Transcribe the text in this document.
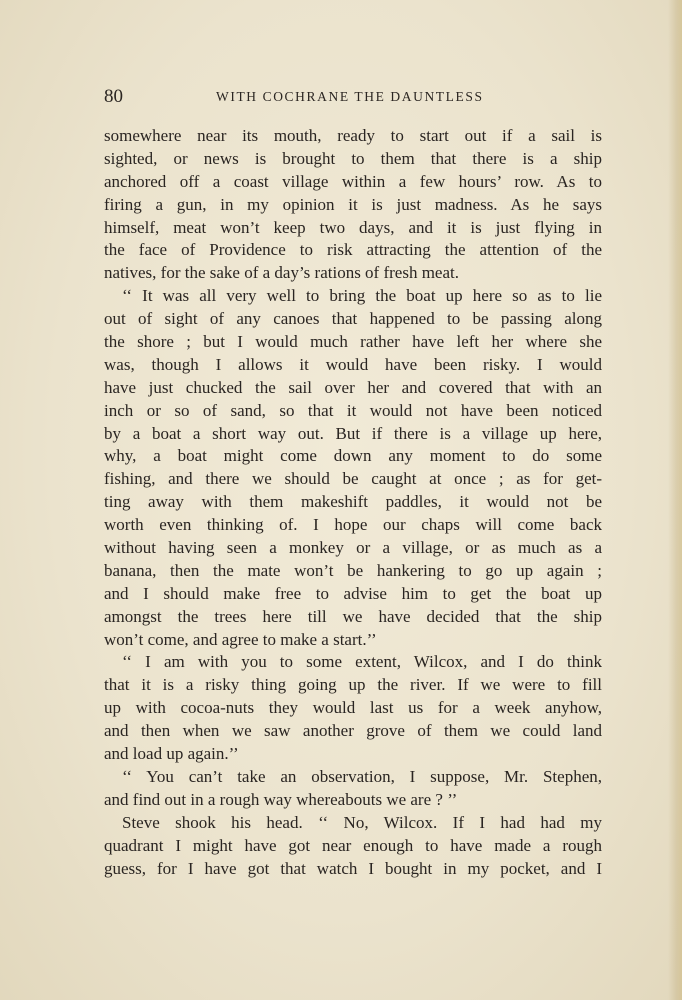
80	WITH COCHRANE THE DAUNTLESS
somewhere near its mouth, ready to start out if a sail is
sighted, or news is brought to them that there is a ship
anchored off a coast village within a few hours’ row. As to
firing a gun, in my opinion it is just madness. As he says
himself, meat won’t keep two days, and it is just flying in
the face of Providence to risk attracting the attention of the
natives, for the sake of a day’s rations of fresh meat.
‘‘ It was all very well to bring the boat up here so as to lie
out of sight of any canoes that happened to be passing along
the shore ; but I would much rather have left her where she
was, though I allows it would have been risky. I would
have just chucked the sail over her and covered that with an
inch or so of sand, so that it would not have been noticed
by a boat a short way out. But if there is a village up here,
why, a boat might come down any moment to do some
fishing, and there we should be caught at once ; as for get-
ting away with them makeshift paddles, it would not be
worth even thinking of. I hope our chaps will come back
without having seen a monkey or a village, or as much as a
banana, then the mate won’t be hankering to go up again ;
and I should make free to advise him to get the boat up
amongst the trees here till we have decided that the ship
won’t come, and agree to make a start.’’
‘‘ I am with you to some extent, Wilcox, and I do think
that it is a risky thing going up the river. If we were to fill
up with cocoa-nuts they would last us for a week anyhow,
and then when we saw another grove of them we could land
and load up again.’’
‘‘ You can’t take an observation, I suppose, Mr. Stephen,
and find out in a rough way whereabouts we are ? ’’
Steve shook his head. ‘‘ No, Wilcox. If I had had my
quadrant I might have got near enough to have made a rough
guess, for I have got that watch I bought in my pocket, and I
